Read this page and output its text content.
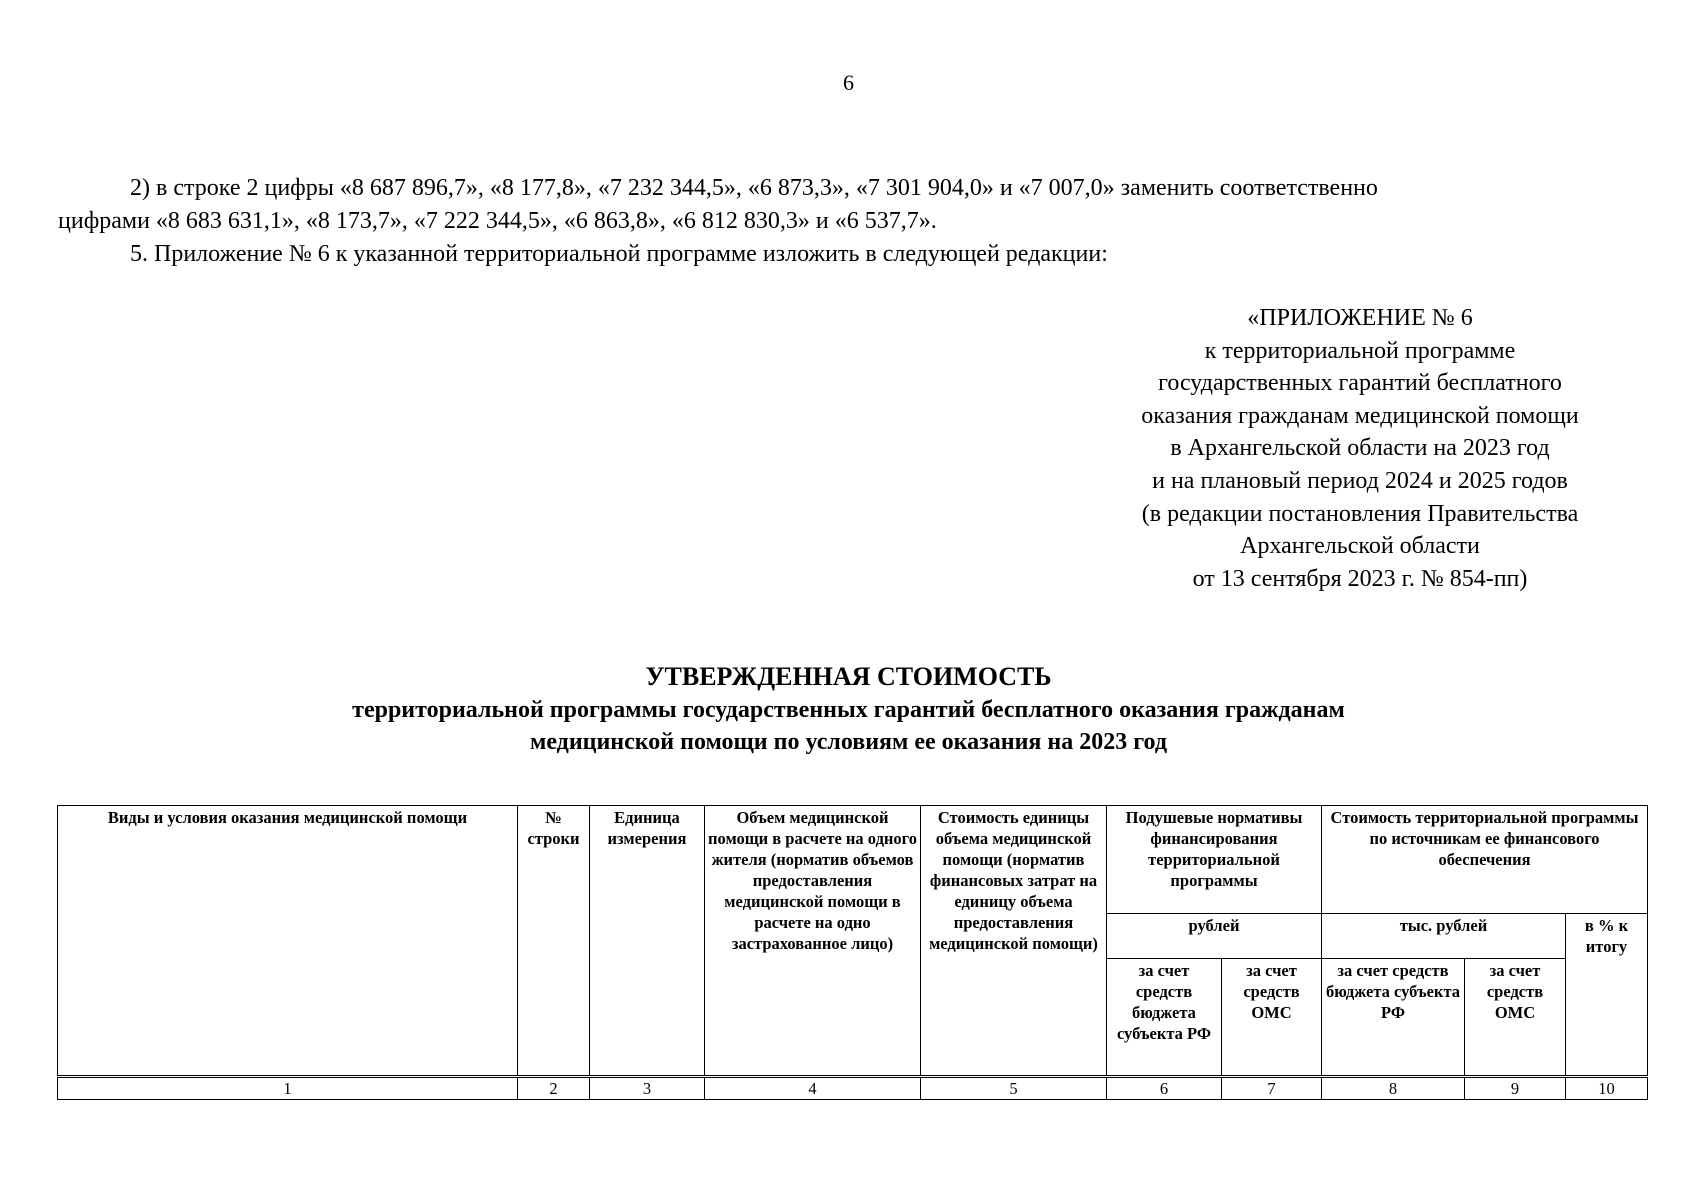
6

2) в строке 2 цифры «8 687 896,7», «8 177,8», «7 232 344,5», «6 873,3», «7 301 904,0» и «7 007,0» заменить соответственно

цифрами «8 683 631,1», «8 173,7», «7 222 344,5», «6 863,8», «6 812 830,3» и «6 537,7».

5. Приложение № 6 к указанной территориальной программе изложить в следующей редакции:

«ПРИЛОЖЕНИЕ № 6
к территориальной программе
государственных гарантий бесплатного
оказания гражданам медицинской помощи
в Архангельской области на 2023 год
и на плановый период 2024 и 2025 годов
(в редакции постановления Правительства
Архангельской области
от 13 сентября 2023 г. № 854-пп)
УТВЕРЖДЕННАЯ СТОИМОСТЬ
территориальной программы государственных гарантий бесплатного оказания гражданам
медицинской помощи по условиям ее оказания на 2023 год
Виды и условия оказания медицинской помощи	№ строки	Единица измерения	Объем медицинской помощи в расчете на одного жителя (норматив объемов предоставления медицинской помощи в расчете на одно застрахованное лицо)	Стоимость единицы объема медицинской помощи (норматив финансовых затрат на единицу объема предоставления медицинской помощи)	Подушевые нормативы финансирования территориальной программы		Стоимость территориальной программы по источникам ее финансового обеспечения		
					рублей		тыс. рублей		в % к итогу
					за счет средств бюджета субъекта РФ	за счет средств ОМС	за счет средств бюджета субъекта РФ	за счет средств ОМС	
1	2	3	4	5	6	7	8	9	10
